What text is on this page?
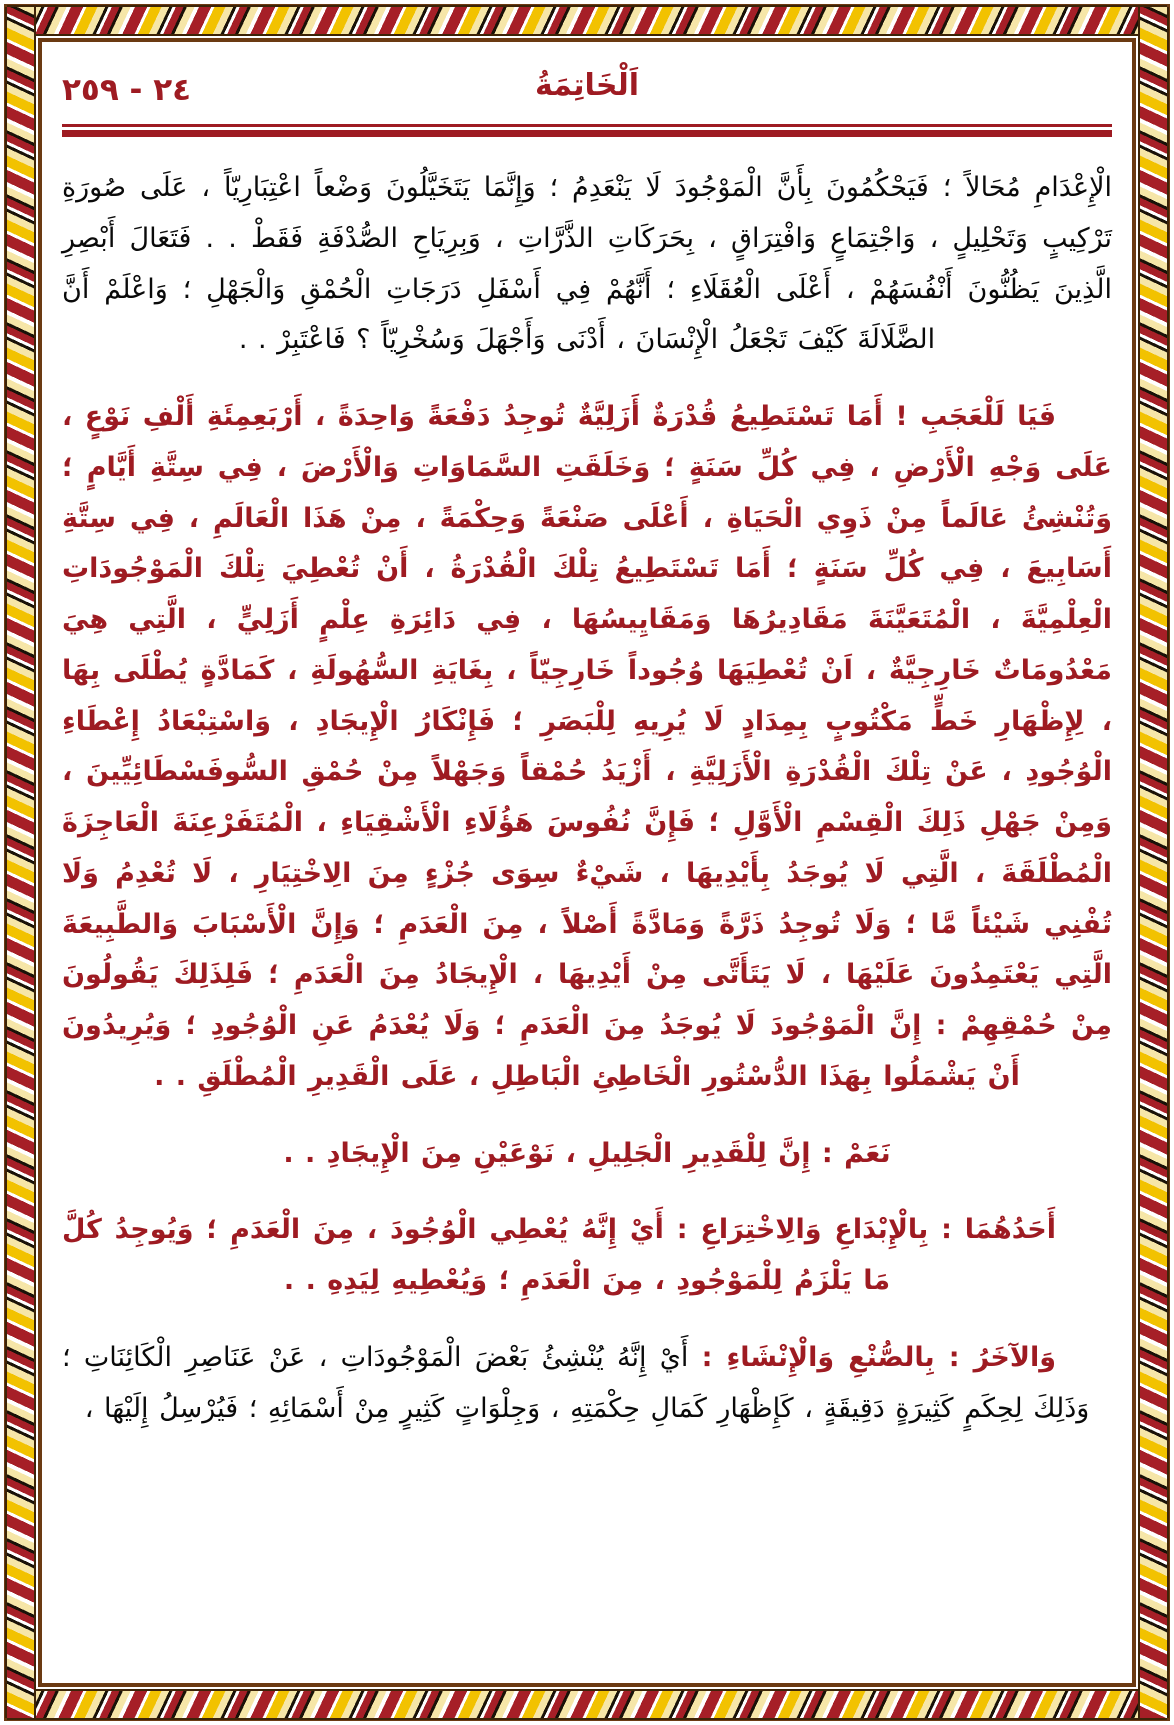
٢٤ - ٢٥٩	اَلْخَاتِمَةُ

الْإِعْدَامِ مُحَالاً ؛ فَيَحْكُمُونَ بِأَنَّ الْمَوْجُودَ لَا يَنْعَدِمُ ؛ وَإِنَّمَا يَتَخَيَّلُونَ وَضْعاً اعْتِبَارِيّاً ، عَلَى صُورَةِ تَرْكِيبٍ وَتَحْلِيلٍ ، وَاجْتِمَاعٍ وَافْتِرَاقٍ ، بِحَرَكَاتِ الذَّرَّاتِ ، وَبِرِيَاحِ الصُّدْفَةِ فَقَطْ . . فَتَعَالَ أَبْصِرِ الَّذِينَ يَظُنُّونَ أَنْفُسَهُمْ ، أَعْلَى الْعُقَلَاءِ ؛ أَنَّهُمْ فِي أَسْفَلِ دَرَجَاتِ الْحُمْقِ وَالْجَهْلِ ؛ وَاعْلَمْ أَنَّ الضَّلَالَةَ كَيْفَ تَجْعَلُ الْإِنْسَانَ ، أَدْنَى وَأَجْهَلَ وَسُخْرِيّاً ؟ فَاعْتَبِرْ . .

فَيَا لَلْعَجَبِ ! أَمَا تَسْتَطِيعُ قُدْرَةٌ أَزَلِيَّةٌ تُوجِدُ دَفْعَةً وَاحِدَةً ، أَرْبَعِمِئَةِ أَلْفِ نَوْعٍ ، عَلَى وَجْهِ الْأَرْضِ ، فِي كُلِّ سَنَةٍ ؛ وَخَلَقَتِ السَّمَاوَاتِ وَالْأَرْضَ ، فِي سِتَّةِ أَيَّامٍ ؛ وَتُنْشِئُ عَالَماً مِنْ ذَوِي الْحَيَاةِ ، أَعْلَى صَنْعَةً وَحِكْمَةً ، مِنْ هَذَا الْعَالَمِ ، فِي سِتَّةِ أَسَابِيعَ ، فِي كُلِّ سَنَةٍ ؛ أَمَا تَسْتَطِيعُ تِلْكَ الْقُدْرَةُ ، أَنْ تُعْطِيَ تِلْكَ الْمَوْجُودَاتِ الْعِلْمِيَّةَ ، الْمُتَعَيَّنَةَ مَقَادِيرُهَا وَمَقَايِيسُهَا ، فِي دَائِرَةِ عِلْمٍ أَزَلِيٍّ ، الَّتِي هِيَ مَعْدُومَاتٌ خَارِجِيَّةٌ ، اَنْ تُعْطِيَهَا وُجُوداً خَارِجِيّاً ، بِغَايَةِ السُّهُولَةِ ، كَمَادَّةٍ يُطْلَى بِهَا ، لِإِظْهَارِ خَطٍّ مَكْتُوبٍ بِمِدَادٍ لَا يُرِيهِ لِلْبَصَرِ ؛ فَإِنْكَارُ الْإِيجَادِ ، وَاسْتِبْعَادُ إِعْطَاءِ الْوُجُودِ ، عَنْ تِلْكَ الْقُدْرَةِ الْأَزَلِيَّةِ ، أَزْيَدُ حُمْقاً وَجَهْلاً مِنْ حُمْقِ السُّوفَسْطَائِيِّينَ ، وَمِنْ جَهْلِ ذَلِكَ الْقِسْمِ الْأَوَّلِ ؛ فَإِنَّ نُفُوسَ هَؤُلَاءِ الْأَشْقِيَاءِ ، الْمُتَفَرْعِنَةَ الْعَاجِزَةَ الْمُطْلَقَةَ ، الَّتِي لَا يُوجَدُ بِأَيْدِيهَا ، شَيْءٌ سِوَى جُزْءٍ مِنَ الِاخْتِيَارِ ، لَا تُعْدِمُ وَلَا تُفْنِي شَيْئاً مَّا ؛ وَلَا تُوجِدُ ذَرَّةً وَمَادَّةً أَصْلاً ، مِنَ الْعَدَمِ ؛ وَإِنَّ الْأَسْبَابَ وَالطَّبِيعَةَ الَّتِي يَعْتَمِدُونَ عَلَيْهَا ، لَا يَتَأَتَّى مِنْ أَيْدِيهَا ، الْإِيجَادُ مِنَ الْعَدَمِ ؛ فَلِذَلِكَ يَقُولُونَ مِنْ حُمْقِهِمْ : إِنَّ الْمَوْجُودَ لَا يُوجَدُ مِنَ الْعَدَمِ ؛ وَلَا يُعْدَمُ عَنِ الْوُجُودِ ؛ وَيُرِيدُونَ أَنْ يَشْمَلُوا بِهَذَا الدُّسْتُورِ الْخَاطِئِ الْبَاطِلِ ، عَلَى الْقَدِيرِ الْمُطْلَقِ . .

نَعَمْ : إِنَّ لِلْقَدِيرِ الْجَلِيلِ ، نَوْعَيْنِ مِنَ الْإِيجَادِ . .

أَحَدُهُمَا : بِالْإِبْدَاعِ وَالِاخْتِرَاعِ : أَيْ إِنَّهُ يُعْطِي الْوُجُودَ ، مِنَ الْعَدَمِ ؛ وَيُوجِدُ كُلَّ مَا يَلْزَمُ لِلْمَوْجُودِ ، مِنَ الْعَدَمِ ؛ وَيُعْطِيهِ لِيَدِهِ . .

وَالآخَرُ : بِالصُّنْعِ وَالْإِنْشَاءِ : أَيْ إِنَّهُ يُنْشِئُ بَعْضَ الْمَوْجُودَاتِ ، عَنْ عَنَاصِرِ الْكَائِنَاتِ ؛ وَذَلِكَ لِحِكَمٍ كَثِيرَةٍ دَقِيقَةٍ ، كَإِظْهَارِ كَمَالِ حِكْمَتِهِ ، وَجِلْوَاتٍ كَثِيرٍ مِنْ أَسْمَائِهِ ؛ فَيُرْسِلُ إِلَيْهَا ،
